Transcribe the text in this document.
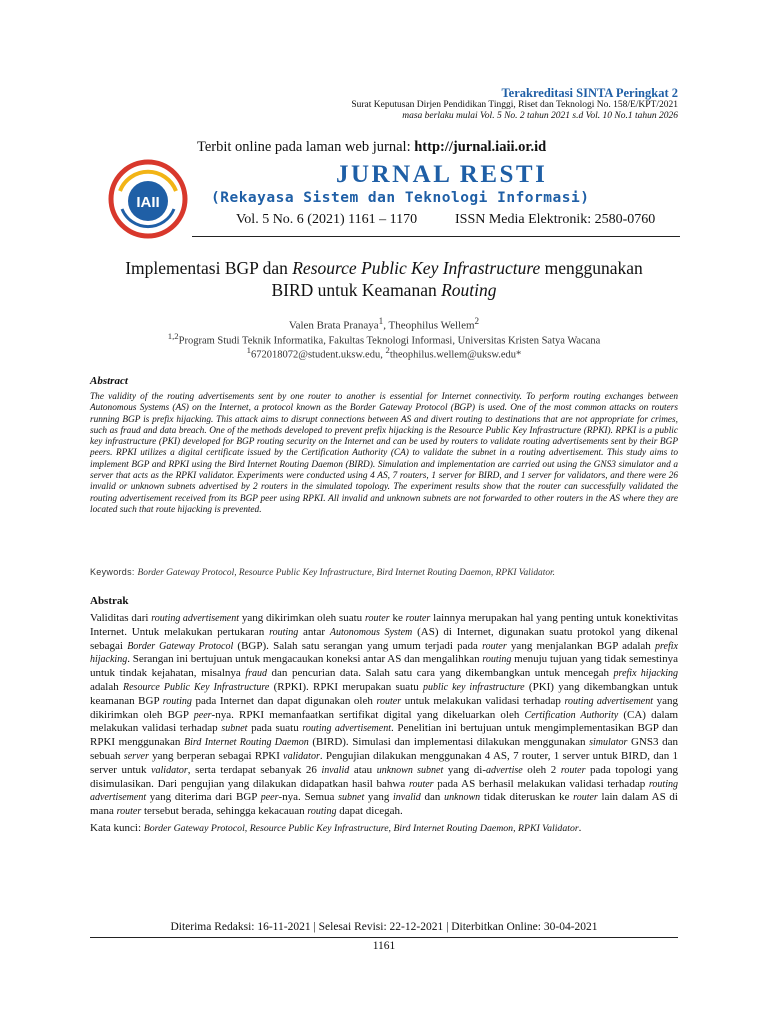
Terakreditasi SINTA Peringkat 2
Surat Keputusan Dirjen Pendidikan Tinggi, Riset dan Teknologi No. 158/E/KPT/2021
masa berlaku mulai Vol. 5 No. 2 tahun 2021 s.d Vol. 10 No.1 tahun 2026
Terbit online pada laman web jurnal: http://jurnal.iaii.or.id
IAII
JURNAL RESTI
(Rekayasa Sistem dan Teknologi Informasi)
Vol. 5 No. 6 (2021) 1161 – 1170	ISSN Media Elektronik: 2580-0760
Implementasi BGP dan Resource Public Key Infrastructure menggunakan
BIRD untuk Keamanan Routing
Valen Brata Pranaya$^1$, Theophilus Wellem$^2$
$^{1,2}$Program Studi Teknik Informatika, Fakultas Teknologi Informasi, Universitas Kristen Satya Wacana
$^1$672018072@student.uksw.edu, $^2$theophilus.wellem@uksw.edu*
Abstract
The validity of the routing advertisements sent by one router to another is essential for Internet connectivity. To perform routing exchanges between Autonomous Systems (AS) on the Internet, a protocol known as the Border Gateway Protocol (BGP) is used. One of the most common attacks on routers running BGP is prefix hijacking. This attack aims to disrupt connections between AS and divert routing to destinations that are not appropriate for crimes, such as fraud and data breach. One of the methods developed to prevent prefix hijacking is the Resource Public Key Infrastructure (RPKI). RPKI is a public key infrastructure (PKI) developed for BGP routing security on the Internet and can be used by routers to validate routing advertisements sent by their BGP peers. RPKI utilizes a digital certificate issued by the Certification Authority (CA) to validate the subnet in a routing advertisement. This study aims to implement BGP and RPKI using the Bird Internet Routing Daemon (BIRD). Simulation and implementation are carried out using the GNS3 simulator and a server that acts as the RPKI validator. Experiments were conducted using 4 AS, 7 routers, 1 server for BIRD, and 1 server for validators, and there were 26 invalid or unknown subnets advertised by 2 routers in the simulated topology. The experiment results show that the router can successfully validated the routing advertisement received from its BGP peer using RPKI. All invalid and unknown subnets are not forwarded to other routers in the AS where they are located such that route hijacking is prevented.
Keywords: Border Gateway Protocol, Resource Public Key Infrastructure, Bird Internet Routing Daemon, RPKI Validator.
Abstrak
Validitas dari routing advertisement yang dikirimkan oleh suatu router ke router lainnya merupakan hal yang penting untuk konektivitas Internet. Untuk melakukan pertukaran routing antar Autonomous System (AS) di Internet, digunakan suatu protokol yang dikenal sebagai Border Gateway Protocol (BGP). Salah satu serangan yang umum terjadi pada router yang menjalankan BGP adalah prefix hijacking. Serangan ini bertujuan untuk mengacaukan koneksi antar AS dan mengalihkan routing menuju tujuan yang tidak semestinya untuk tindak kejahatan, misalnya fraud dan pencurian data. Salah satu cara yang dikembangkan untuk mencegah prefix hijacking adalah Resource Public Key Infrastructure (RPKI). RPKI merupakan suatu public key infrastructure (PKI) yang dikembangkan untuk keamanan BGP routing pada Internet dan dapat digunakan oleh router untuk melakukan validasi terhadap routing advertisement yang dikirimkan oleh BGP peer-nya. RPKI memanfaatkan sertifikat digital yang dikeluarkan oleh Certification Authority (CA) dalam melakukan validasi terhadap subnet pada suatu routing advertisement. Penelitian ini bertujuan untuk mengimplementasikan BGP dan RPKI menggunakan Bird Internet Routing Daemon (BIRD). Simulasi dan implementasi dilakukan menggunakan simulator GNS3 dan sebuah server yang berperan sebagai RPKI validator. Pengujian dilakukan menggunakan 4 AS, 7 router, 1 server untuk BIRD, dan 1 server untuk validator, serta terdapat sebanyak 26 invalid atau unknown subnet yang di-advertise oleh 2 router pada topologi yang disimulasikan. Dari pengujian yang dilakukan didapatkan hasil bahwa router pada AS berhasil melakukan validasi terhadap routing advertisement yang diterima dari BGP peer-nya. Semua subnet yang invalid dan unknown tidak diteruskan ke router lain dalam AS di mana router tersebut berada, sehingga kekacauan routing dapat dicegah.
Kata kunci: Border Gateway Protocol, Resource Public Key Infrastructure, Bird Internet Routing Daemon, RPKI Validator.
Diterima Redaksi: 16-11-2021 | Selesai Revisi: 22-12-2021 | Diterbitkan Online: 30-04-2021
1161
